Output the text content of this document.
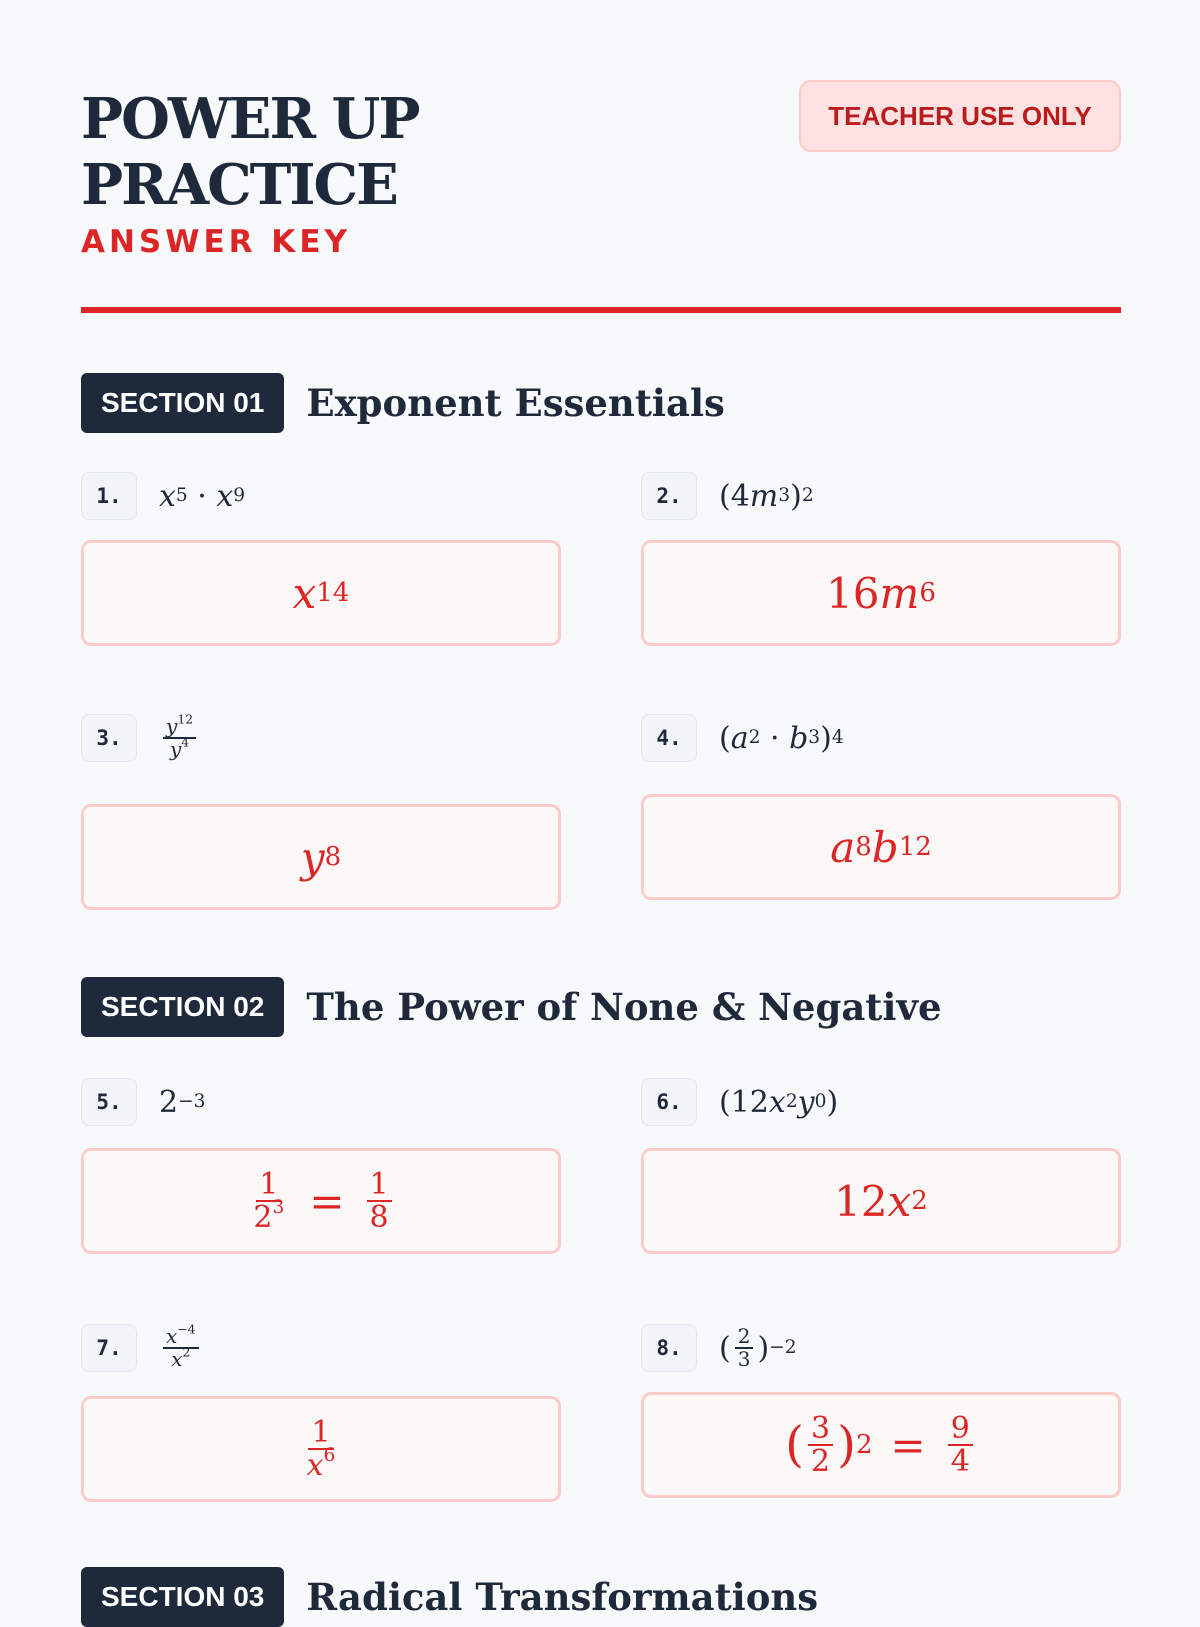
POWER UP
PRACTICE
ANSWER KEY
TEACHER USE ONLY
SECTION 01	Exponent Essentials
1.	x 5 · x 9
x 14
2.	(4 m 3 ) 2
16 m 6
3.	$\frac{y^{12}}{y^4}$
y 8
4.	( a 2 · b 3 ) 4
a 8 b 12
SECTION 02	The Power of None & Negative
5.	2 −3
$\frac{1}{2^3} = \frac{1}{8}$
6.	(12 x 2 y 0 )
12 x 2
7.	$\frac{x^{-4}}{x^2}$
$\frac{1}{x^6}$
8.	( $\frac{2}{3}$ ) −2
( $\frac{3}{2}$ ) $2 = \frac{9}{4}$
SECTION 03	Radical Transformations
